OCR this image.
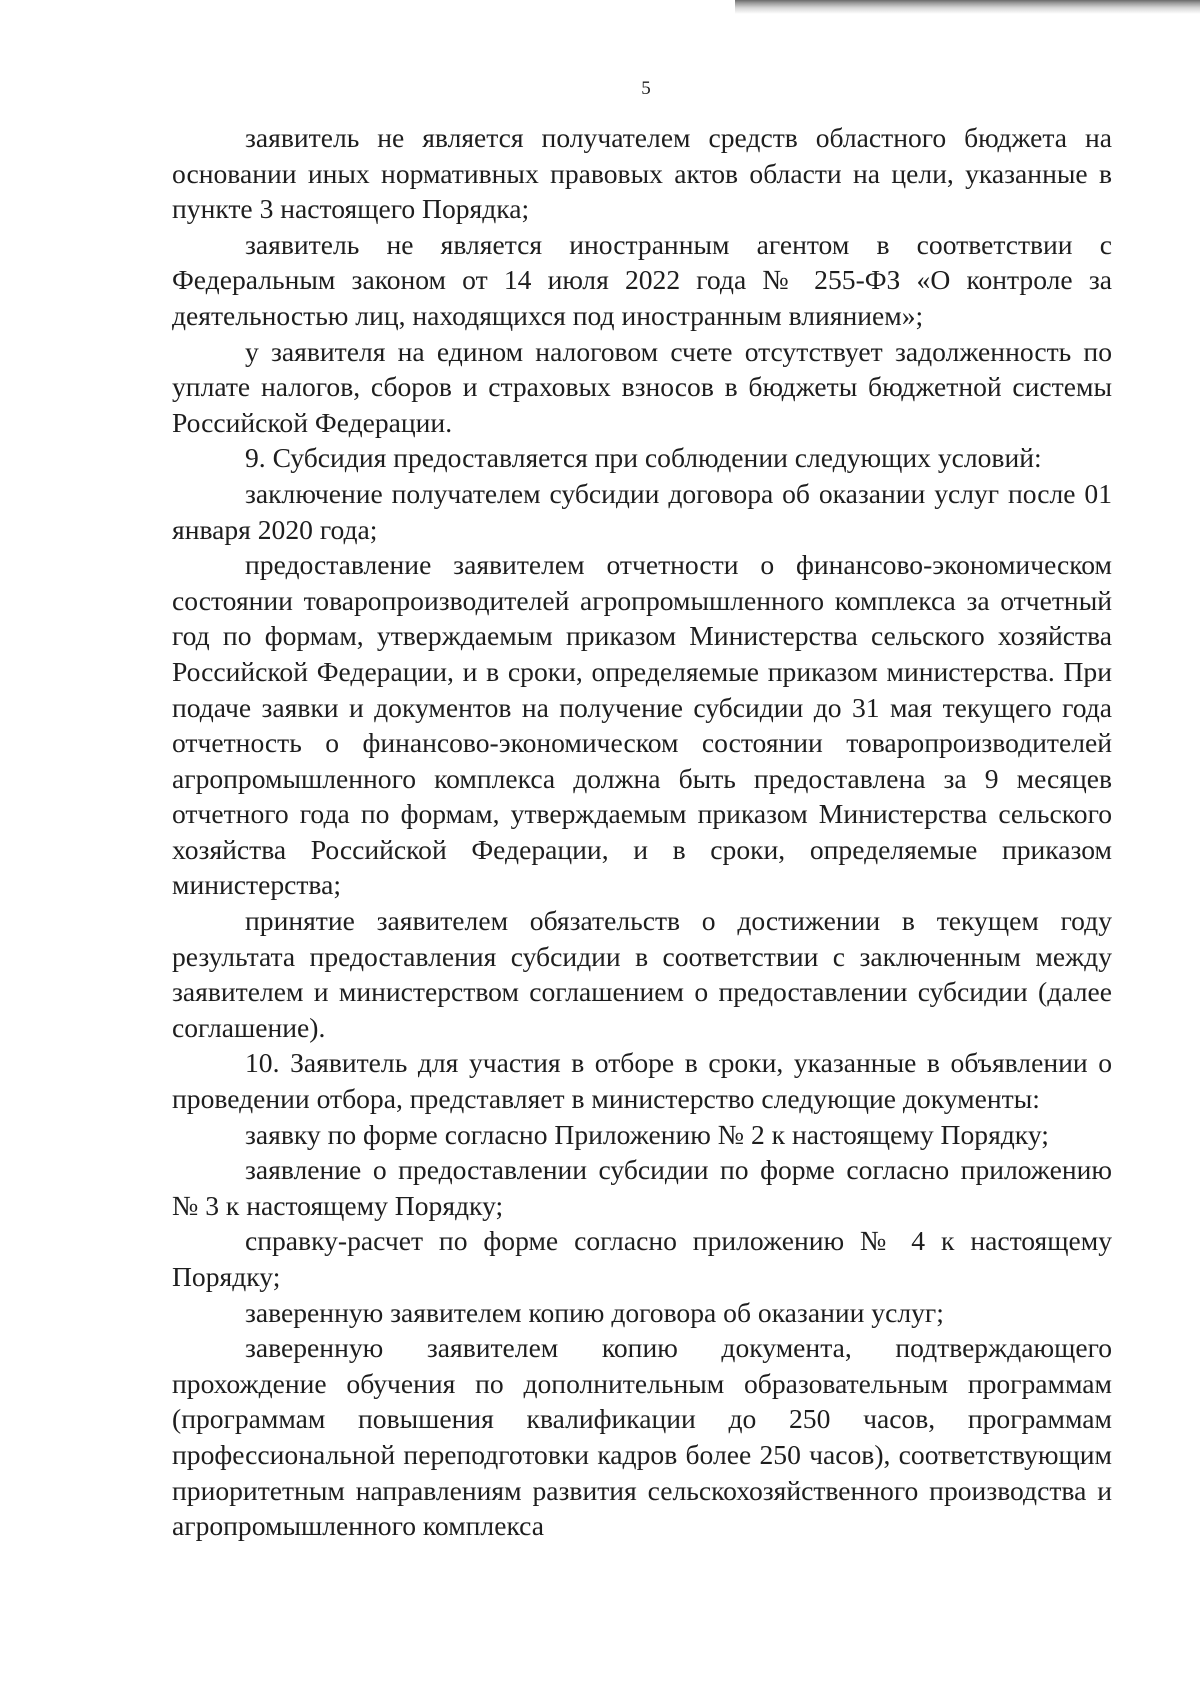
5

заявитель не является получателем средств областного бюджета на основании иных нормативных правовых актов области на цели, указанные в пункте 3 настоящего Порядка;

заявитель не является иностранным агентом в соответствии с Федеральным законом от 14 июля 2022 года № 255-ФЗ «О контроле за деятельностью лиц, находящихся под иностранным влиянием»;

у заявителя на едином налоговом счете отсутствует задолженность по уплате налогов, сборов и страховых взносов в бюджеты бюджетной системы Российской Федерации.

9. Субсидия предоставляется при соблюдении следующих условий:

заключение получателем субсидии договора об оказании услуг после 01 января 2020 года;

предоставление заявителем отчетности о финансово-экономическом состоянии товаропроизводителей агропромышленного комплекса за отчетный год по формам, утверждаемым приказом Министерства сельского хозяйства Российской Федерации, и в сроки, определяемые приказом министерства. При подаче заявки и документов на получение субсидии до 31 мая текущего года отчетность о финансово-экономическом состоянии товаропроизводителей агропромышленного комплекса должна быть предоставлена за 9 месяцев отчетного года по формам, утверждаемым приказом Министерства сельского хозяйства Российской Федерации, и в сроки, определяемые приказом министерства;

принятие заявителем обязательств о достижении в текущем году результата предоставления субсидии в соответствии с заключенным между заявителем и министерством соглашением о предоставлении субсидии (далее соглашение).

10. Заявитель для участия в отборе в сроки, указанные в объявлении о проведении отбора, представляет в министерство следующие документы:

заявку по форме согласно Приложению № 2 к настоящему Порядку;

заявление о предоставлении субсидии по форме согласно приложению № 3 к настоящему Порядку;

справку-расчет по форме согласно приложению № 4 к настоящему Порядку;

заверенную заявителем копию договора об оказании услуг;

заверенную заявителем копию документа, подтверждающего прохождение обучения по дополнительным образовательным программам (программам повышения квалификации до 250 часов, программам профессиональной переподготовки кадров более 250 часов), соответствующим приоритетным направлениям развития сельскохозяйственного производства и агропромышленного комплекса
